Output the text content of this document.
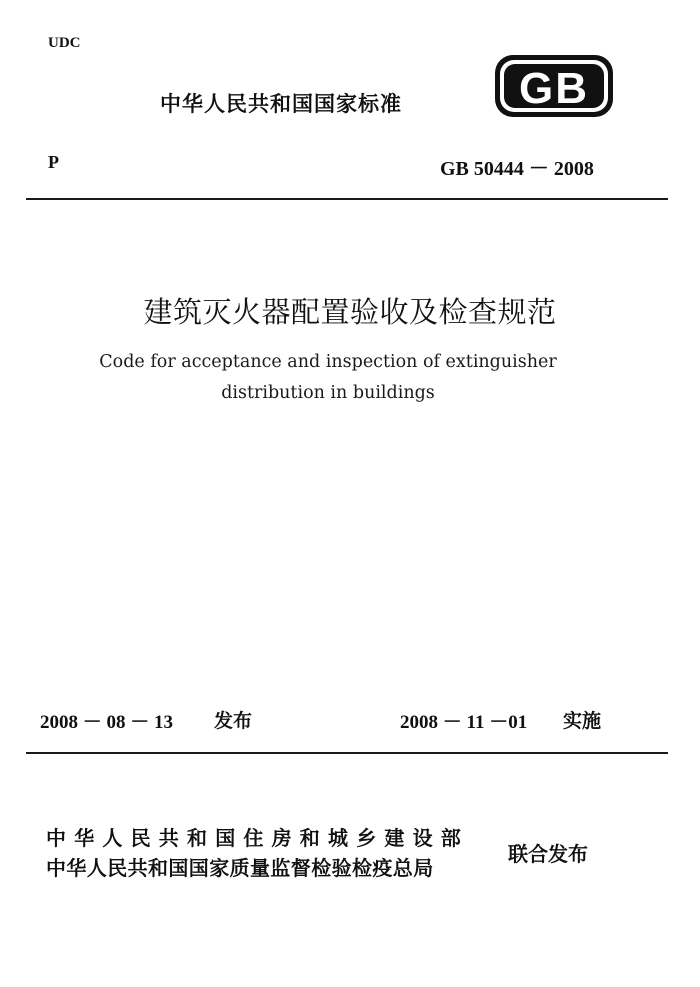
UDC
中华人民共和国国家标准	GB
P	GB 50444 － 2008
建筑灭火器配置验收及检查规范
Code for acceptance and inspection of extinguisher
distribution in buildings
2008 － 08 － 13 发布	2008 － 11 －01 实施
中华人民共和国住房和城乡建设部
中华人民共和国国家质量监督检验检疫总局
联合发布
